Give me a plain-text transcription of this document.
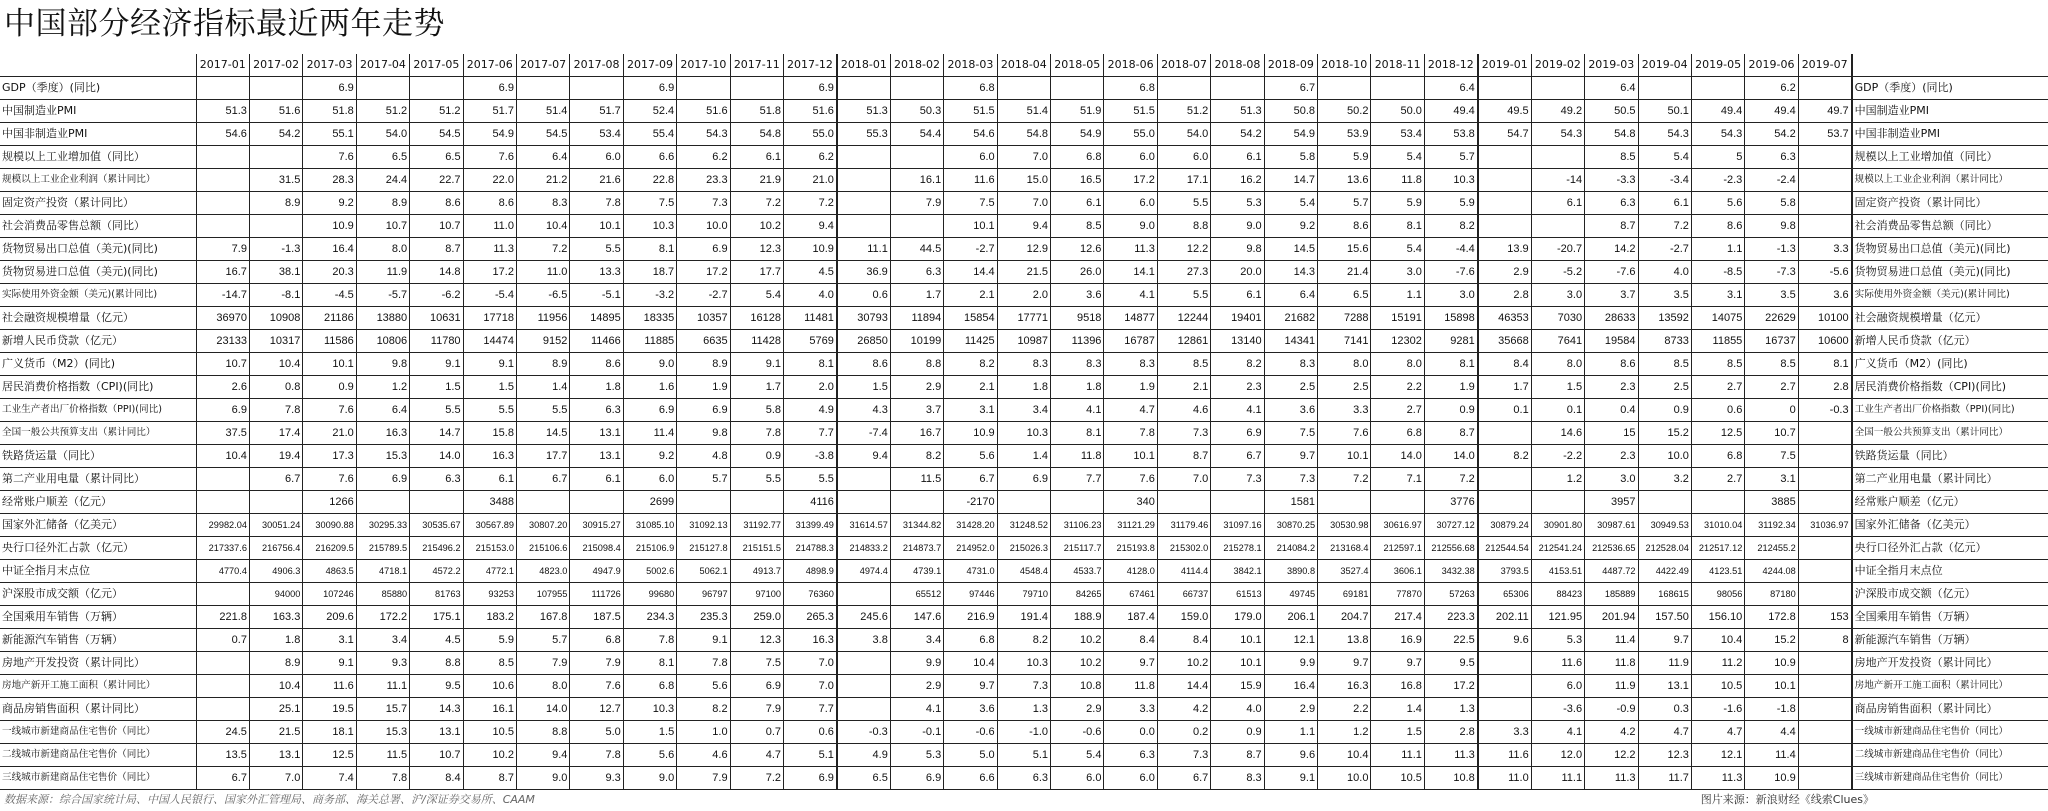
中国部分经济指标最近两年走势
	2017-01	2017-02	2017-03	2017-04	2017-05	2017-06	2017-07	2017-08	2017-09	2017-10	2017-11	2017-12	2018-01	2018-02	2018-03	2018-04	2018-05	2018-06	2018-07	2018-08	2018-09	2018-10	2018-11	2018-12	2019-01	2019-02	2019-03	2019-04	2019-05	2019-06	2019-07	
GDP（季度）(同比)			6.9			6.9			6.9			6.9			6.8			6.8			6.7			6.4			6.4			6.2		GDP（季度）(同比)
中国制造业PMI	51.3	51.6	51.8	51.2	51.2	51.7	51.4	51.7	52.4	51.6	51.8	51.6	51.3	50.3	51.5	51.4	51.9	51.5	51.2	51.3	50.8	50.2	50.0	49.4	49.5	49.2	50.5	50.1	49.4	49.4	49.7	中国制造业PMI
中国非制造业PMI	54.6	54.2	55.1	54.0	54.5	54.9	54.5	53.4	55.4	54.3	54.8	55.0	55.3	54.4	54.6	54.8	54.9	55.0	54.0	54.2	54.9	53.9	53.4	53.8	54.7	54.3	54.8	54.3	54.3	54.2	53.7	中国非制造业PMI
规模以上工业增加值（同比）			7.6	6.5	6.5	7.6	6.4	6.0	6.6	6.2	6.1	6.2			6.0	7.0	6.8	6.0	6.0	6.1	5.8	5.9	5.4	5.7			8.5	5.4	5	6.3		规模以上工业增加值（同比）
规模以上工业企业利润（累计同比）		31.5	28.3	24.4	22.7	22.0	21.2	21.6	22.8	23.3	21.9	21.0		16.1	11.6	15.0	16.5	17.2	17.1	16.2	14.7	13.6	11.8	10.3		-14	-3.3	-3.4	-2.3	-2.4		规模以上工业企业利润（累计同比）
固定资产投资（累计同比）		8.9	9.2	8.9	8.6	8.6	8.3	7.8	7.5	7.3	7.2	7.2		7.9	7.5	7.0	6.1	6.0	5.5	5.3	5.4	5.7	5.9	5.9		6.1	6.3	6.1	5.6	5.8		固定资产投资（累计同比）
社会消费品零售总额（同比）			10.9	10.7	10.7	11.0	10.4	10.1	10.3	10.0	10.2	9.4			10.1	9.4	8.5	9.0	8.8	9.0	9.2	8.6	8.1	8.2			8.7	7.2	8.6	9.8		社会消费品零售总额（同比）
货物贸易出口总值（美元)(同比)	7.9	-1.3	16.4	8.0	8.7	11.3	7.2	5.5	8.1	6.9	12.3	10.9	11.1	44.5	-2.7	12.9	12.6	11.3	12.2	9.8	14.5	15.6	5.4	-4.4	13.9	-20.7	14.2	-2.7	1.1	-1.3	3.3	货物贸易出口总值（美元)(同比)
货物贸易进口总值（美元)(同比)	16.7	38.1	20.3	11.9	14.8	17.2	11.0	13.3	18.7	17.2	17.7	4.5	36.9	6.3	14.4	21.5	26.0	14.1	27.3	20.0	14.3	21.4	3.0	-7.6	2.9	-5.2	-7.6	4.0	-8.5	-7.3	-5.6	货物贸易进口总值（美元)(同比)
实际使用外资金额（美元)(累计同比)	-14.7	-8.1	-4.5	-5.7	-6.2	-5.4	-6.5	-5.1	-3.2	-2.7	5.4	4.0	0.6	1.7	2.1	2.0	3.6	4.1	5.5	6.1	6.4	6.5	1.1	3.0	2.8	3.0	3.7	3.5	3.1	3.5	3.6	实际使用外资金额（美元)(累计同比)
社会融资规模增量（亿元）	36970	10908	21186	13880	10631	17718	11956	14895	18335	10357	16128	11481	30793	11894	15854	17771	9518	14877	12244	19401	21682	7288	15191	15898	46353	7030	28633	13592	14075	22629	10100	社会融资规模增量（亿元）
新增人民币贷款（亿元）	23133	10317	11586	10806	11780	14474	9152	11466	11885	6635	11428	5769	26850	10199	11425	10987	11396	16787	12861	13140	14341	7141	12302	9281	35668	7641	19584	8733	11855	16737	10600	新增人民币贷款（亿元）
广义货币（M2）(同比)	10.7	10.4	10.1	9.8	9.1	9.1	8.9	8.6	9.0	8.9	9.1	8.1	8.6	8.8	8.2	8.3	8.3	8.3	8.5	8.2	8.3	8.0	8.0	8.1	8.4	8.0	8.6	8.5	8.5	8.5	8.1	广义货币（M2）(同比)
居民消费价格指数（CPI)(同比)	2.6	0.8	0.9	1.2	1.5	1.5	1.4	1.8	1.6	1.9	1.7	2.0	1.5	2.9	2.1	1.8	1.8	1.9	2.1	2.3	2.5	2.5	2.2	1.9	1.7	1.5	2.3	2.5	2.7	2.7	2.8	居民消费价格指数（CPI)(同比)
工业生产者出厂价格指数（PPI)(同比)	6.9	7.8	7.6	6.4	5.5	5.5	5.5	6.3	6.9	6.9	5.8	4.9	4.3	3.7	3.1	3.4	4.1	4.7	4.6	4.1	3.6	3.3	2.7	0.9	0.1	0.1	0.4	0.9	0.6	0	-0.3	工业生产者出厂价格指数（PPI)(同比)
全国一般公共预算支出（累计同比）	37.5	17.4	21.0	16.3	14.7	15.8	14.5	13.1	11.4	9.8	7.8	7.7	-7.4	16.7	10.9	10.3	8.1	7.8	7.3	6.9	7.5	7.6	6.8	8.7		14.6	15	15.2	12.5	10.7		全国一般公共预算支出（累计同比）
铁路货运量（同比）	10.4	19.4	17.3	15.3	14.0	16.3	17.7	13.1	9.2	4.8	0.9	-3.8	9.4	8.2	5.6	1.4	11.8	10.1	8.7	6.7	9.7	10.1	14.0	14.0	8.2	-2.2	2.3	10.0	6.8	7.5		铁路货运量（同比）
第二产业用电量（累计同比）		6.7	7.6	6.9	6.3	6.1	6.7	6.1	6.0	5.7	5.5	5.5		11.5	6.7	6.9	7.7	7.6	7.0	7.3	7.3	7.2	7.1	7.2		1.2	3.0	3.2	2.7	3.1		第二产业用电量（累计同比）
经常账户顺差（亿元）			1266			3488			2699			4116			-2170			340			1581			3776			3957			3885		经常账户顺差（亿元）
国家外汇储备（亿美元）	29982.04	30051.24	30090.88	30295.33	30535.67	30567.89	30807.20	30915.27	31085.10	31092.13	31192.77	31399.49	31614.57	31344.82	31428.20	31248.52	31106.23	31121.29	31179.46	31097.16	30870.25	30530.98	30616.97	30727.12	30879.24	30901.80	30987.61	30949.53	31010.04	31192.34	31036.97	国家外汇储备（亿美元）
央行口径外汇占款（亿元）	217337.6	216756.4	216209.5	215789.5	215496.2	215153.0	215106.6	215098.4	215106.9	215127.8	215151.5	214788.3	214833.2	214873.7	214952.0	215026.3	215117.7	215193.8	215302.0	215278.1	214084.2	213168.4	212597.1	212556.68	212544.54	212541.24	212536.65	212528.04	212517.12	212455.2		央行口径外汇占款（亿元）
中证全指月末点位	4770.4	4906.3	4863.5	4718.1	4572.2	4772.1	4823.0	4947.9	5002.6	5062.1	4913.7	4898.9	4974.4	4739.1	4731.0	4548.4	4533.7	4128.0	4114.4	3842.1	3890.8	3527.4	3606.1	3432.38	3793.5	4153.51	4487.72	4422.49	4123.51	4244.08		中证全指月末点位
沪深股市成交额（亿元）		94000	107246	85880	81763	93253	107955	111726	99680	96797	97100	76360		65512	97446	79710	84265	67461	66737	61513	49745	69181	77870	57263	65306	88423	185889	168615	98056	87180		沪深股市成交额（亿元）
全国乘用车销售（万辆）	221.8	163.3	209.6	172.2	175.1	183.2	167.8	187.5	234.3	235.3	259.0	265.3	245.6	147.6	216.9	191.4	188.9	187.4	159.0	179.0	206.1	204.7	217.4	223.3	202.11	121.95	201.94	157.50	156.10	172.8	153	全国乘用车销售（万辆）
新能源汽车销售（万辆）	0.7	1.8	3.1	3.4	4.5	5.9	5.7	6.8	7.8	9.1	12.3	16.3	3.8	3.4	6.8	8.2	10.2	8.4	8.4	10.1	12.1	13.8	16.9	22.5	9.6	5.3	11.4	9.7	10.4	15.2	8	新能源汽车销售（万辆）
房地产开发投资（累计同比）		8.9	9.1	9.3	8.8	8.5	7.9	7.9	8.1	7.8	7.5	7.0		9.9	10.4	10.3	10.2	9.7	10.2	10.1	9.9	9.7	9.7	9.5		11.6	11.8	11.9	11.2	10.9		房地产开发投资（累计同比）
房地产新开工施工面积（累计同比）		10.4	11.6	11.1	9.5	10.6	8.0	7.6	6.8	5.6	6.9	7.0		2.9	9.7	7.3	10.8	11.8	14.4	15.9	16.4	16.3	16.8	17.2		6.0	11.9	13.1	10.5	10.1		房地产新开工施工面积（累计同比）
商品房销售面积（累计同比）		25.1	19.5	15.7	14.3	16.1	14.0	12.7	10.3	8.2	7.9	7.7		4.1	3.6	1.3	2.9	3.3	4.2	4.0	2.9	2.2	1.4	1.3		-3.6	-0.9	0.3	-1.6	-1.8		商品房销售面积（累计同比）
一线城市新建商品住宅售价（同比）	24.5	21.5	18.1	15.3	13.1	10.5	8.8	5.0	1.5	1.0	0.7	0.6	-0.3	-0.1	-0.6	-1.0	-0.6	0.0	0.2	0.9	1.1	1.2	1.5	2.8	3.3	4.1	4.2	4.7	4.7	4.4		一线城市新建商品住宅售价（同比）
二线城市新建商品住宅售价（同比）	13.5	13.1	12.5	11.5	10.7	10.2	9.4	7.8	5.6	4.6	4.7	5.1	4.9	5.3	5.0	5.1	5.4	6.3	7.3	8.7	9.6	10.4	11.1	11.3	11.6	12.0	12.2	12.3	12.1	11.4		二线城市新建商品住宅售价（同比）
三线城市新建商品住宅售价（同比）	6.7	7.0	7.4	7.8	8.4	8.7	9.0	9.3	9.0	7.9	7.2	6.9	6.5	6.9	6.6	6.3	6.0	6.0	6.7	8.3	9.1	10.0	10.5	10.8	11.0	11.1	11.3	11.7	11.3	10.9		三线城市新建商品住宅售价（同比）
数据来源：综合国家统计局、中国人民银行、国家外汇管理局、商务部、海关总署、沪/深证券交易所、CAAM	图片来源：新浪财经《线索Clues》
